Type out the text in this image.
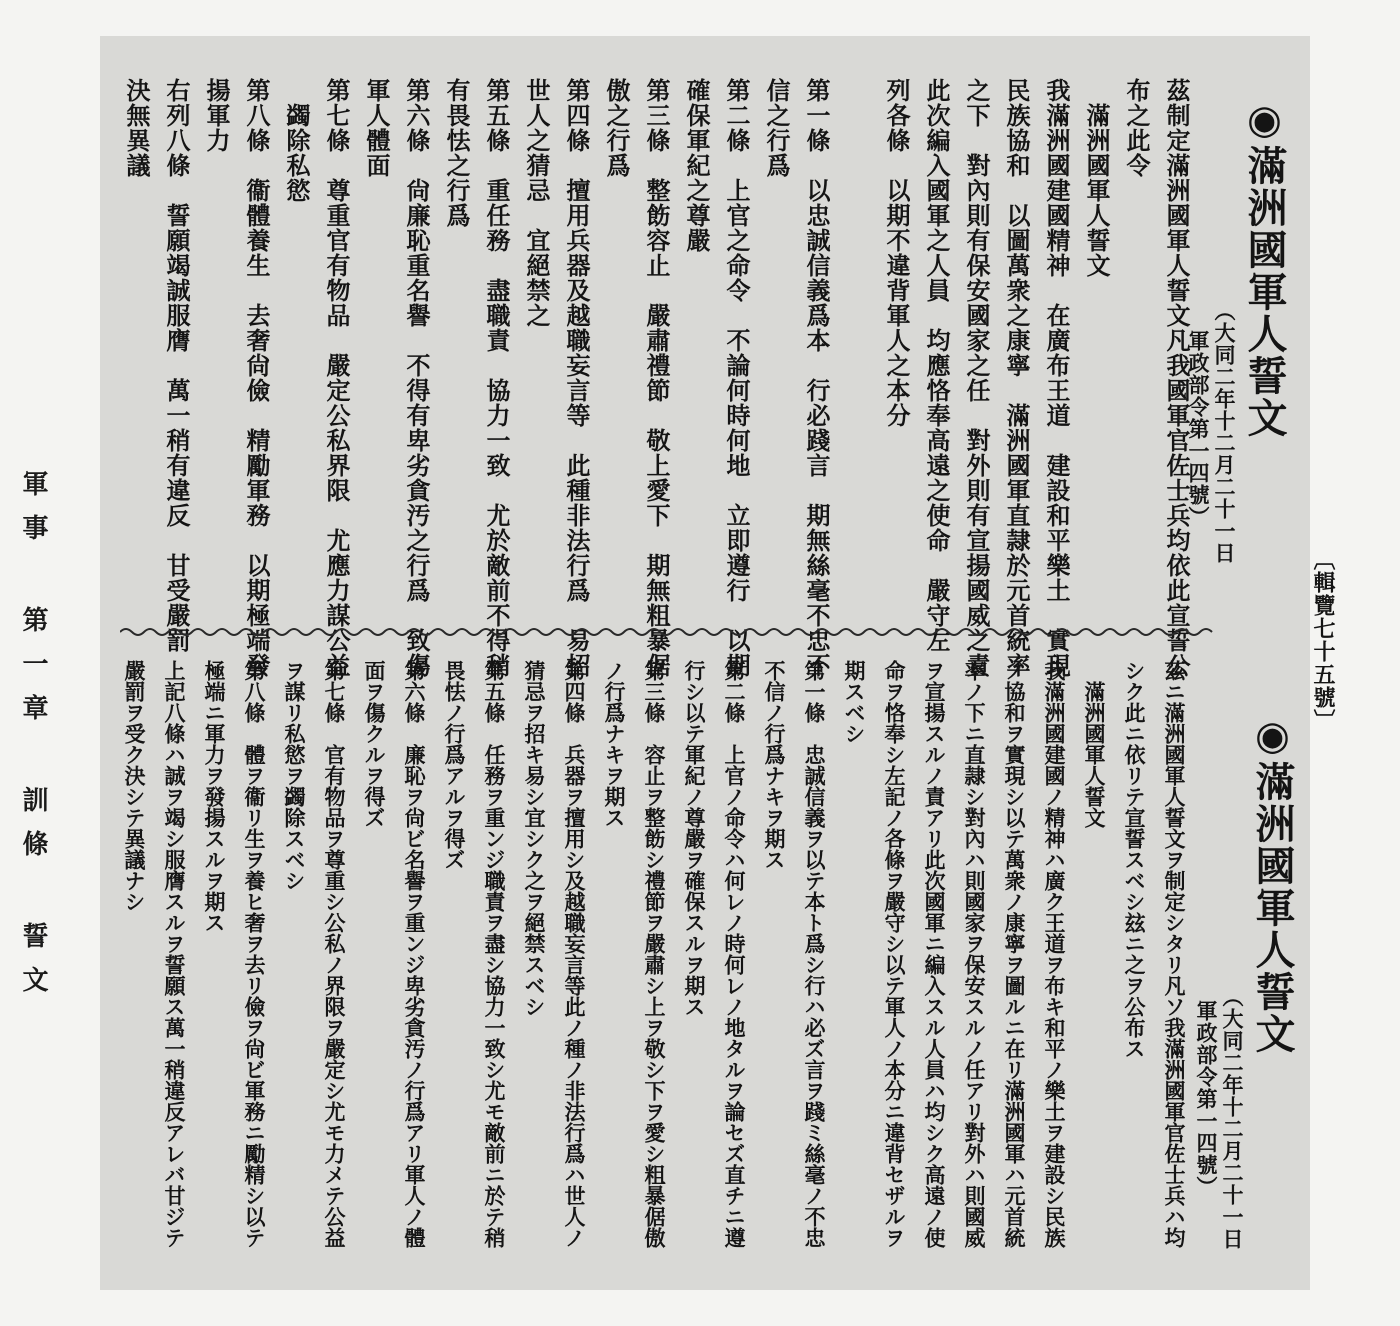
〔輯覽七十五號〕
軍事 第一章 訓條 誓文
◉滿洲國軍人誓文
（大同二年十二月二十一日
軍政部令第一四號）
茲制定滿洲國軍人誓文凡我國軍官佐士兵均依此宣誓公
布之此令
　滿洲國軍人誓文
我滿洲國建國精神　在廣布王道　建設和平樂土　實現
民族協和　以圖萬衆之康寧　滿洲國軍直隷於元首統率
之下　對內則有保安國家之任　對外則有宣揚國威之責
此次編入國軍之人員　均應恪奉高遠之使命　嚴守左
列各條　以期不違背軍人之本分
第一條　以忠誠信義爲本　行必踐言　期無絲毫不忠不
信之行爲
第二條　上官之命令　不論何時何地　立即遵行　以期
確保軍紀之尊嚴
第三條　整飭容止　嚴肅禮節　敬上愛下　期無粗暴倨
傲之行爲
第四條　擅用兵器及越職妄言等　此種非法行爲　易招
世人之猜忌　宜絕禁之
第五條　重任務　盡職責　協力一致　尤於敵前不得稍
有畏怯之行爲
第六條　尙廉恥重名譽　不得有卑劣貪汚之行爲　致傷
軍人體面
第七條　尊重官有物品　嚴定公私界限　尤應力謀公益
　蠲除私慾
第八條　衞體養生　去奢尙儉　精勵軍務　以期極端發
揚軍力
右列八條　誓願竭誠服膺　萬一稍有違反　甘受嚴罰
決無異議
◉滿洲國軍人誓文
（大同二年十二月二十一日
軍政部令第一四號）
茲ニ滿洲國軍人誓文ヲ制定シタリ凡ソ我滿洲國軍官佐士兵ハ均
シク此ニ依リテ宣誓スベシ玆ニ之ヲ公布ス
　滿洲國軍人誓文
我滿洲國建國ノ精神ハ廣ク王道ヲ布キ和平ノ樂土ヲ建設シ民族
ノ協和ヲ實現シ以テ萬衆ノ康寧ヲ圖ルニ在リ滿洲國軍ハ元首統
率ノ下ニ直隷シ對內ハ則國家ヲ保安スルノ任アリ對外ハ則國威
ヲ宣揚スルノ責アリ此次國軍ニ編入スル人員ハ均シク高遠ノ使
命ヲ恪奉シ左記ノ各條ヲ嚴守シ以テ軍人ノ本分ニ違背セザルヲ
期スベシ
第一條　忠誠信義ヲ以テ本ト爲シ行ハ必ズ言ヲ踐ミ絲毫ノ不忠
不信ノ行爲ナキヲ期ス
第二條　上官ノ命令ハ何レノ時何レノ地タルヲ論セズ直チニ遵
行シ以テ軍紀ノ尊嚴ヲ確保スルヲ期ス
第三條　容止ヲ整飭シ禮節ヲ嚴肅シ上ヲ敬シ下ヲ愛シ粗暴倨傲
ノ行爲ナキヲ期ス
第四條　兵器ヲ擅用シ及越職妄言等此ノ種ノ非法行爲ハ世人ノ
猜忌ヲ招キ易シ宜シク之ヲ絕禁スベシ
第五條　任務ヲ重ンジ職責ヲ盡シ協力一致シ尤モ敵前ニ於テ稍
畏怯ノ行爲アルヲ得ズ
第六條　廉恥ヲ尙ビ名譽ヲ重ンジ卑劣貪汚ノ行爲アリ軍人ノ體
面ヲ傷クルヲ得ズ
第七條　官有物品ヲ尊重シ公私ノ界限ヲ嚴定シ尤モ力メテ公益
ヲ謀リ私慾ヲ蠲除スベシ
第八條　體ヲ衞リ生ヲ養ヒ奢ヲ去リ儉ヲ尙ビ軍務ニ勵精シ以テ
極端ニ軍力ヲ發揚スルヲ期ス
上記八條ハ誠ヲ竭シ服膺スルヲ誓願ス萬一稍違反アレバ甘ジテ
嚴罰ヲ受ク決シテ異議ナシ
